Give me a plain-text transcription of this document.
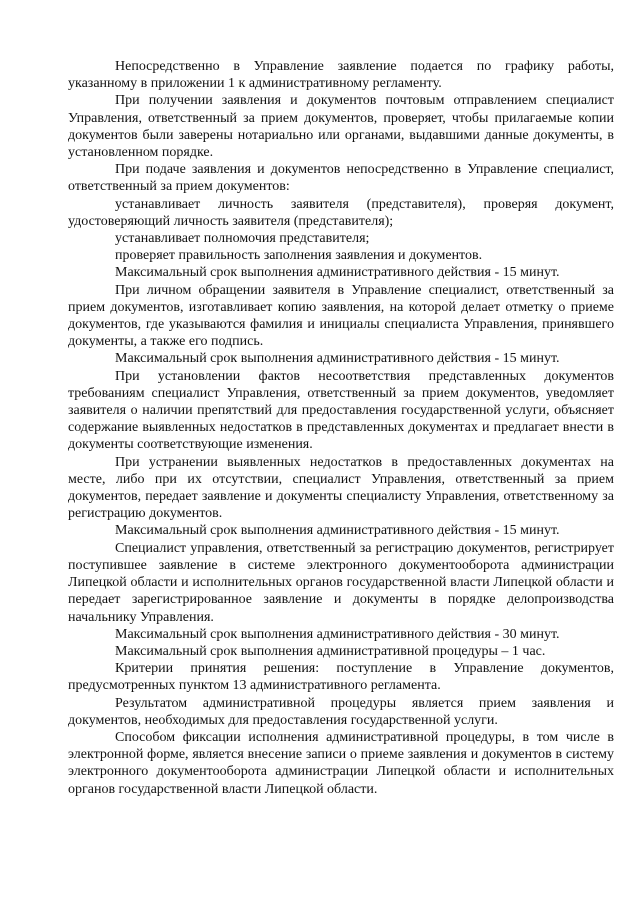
Непосредственно в Управление заявление подается по графику работы, указанному в приложении 1 к административному регламенту.

При получении заявления и документов почтовым отправлением специалист Управления, ответственный за прием документов, проверяет, чтобы прилагаемые копии документов были заверены нотариально или органами, выдавшими данные документы, в установленном порядке.

При подаче заявления и документов непосредственно в Управление специалист, ответственный за прием документов:

устанавливает личность заявителя (представителя), проверяя документ, удостоверяющий личность заявителя (представителя);

устанавливает полномочия представителя;

проверяет правильность заполнения заявления и документов.

Максимальный срок выполнения административного действия - 15 минут.

При личном обращении заявителя в Управление специалист, ответственный за прием документов, изготавливает копию заявления, на которой делает отметку о приеме документов, где указываются фамилия и инициалы специалиста Управления, принявшего документы, а также его подпись.

Максимальный срок выполнения административного действия - 15 минут.

При установлении фактов несоответствия представленных документов требованиям специалист Управления, ответственный за прием документов, уведомляет заявителя о наличии препятствий для предоставления государственной услуги, объясняет содержание выявленных недостатков в представленных документах и предлагает внести в документы соответствующие изменения.

При устранении выявленных недостатков в предоставленных документах на месте, либо при их отсутствии, специалист Управления, ответственный за прием документов, передает заявление и документы специалисту Управления, ответственному за регистрацию документов.

Максимальный срок выполнения административного действия - 15 минут.

Специалист управления, ответственный за регистрацию документов, регистрирует поступившее заявление в системе электронного документооборота администрации Липецкой области и исполнительных органов государственной власти Липецкой области и передает зарегистрированное заявление и документы в порядке делопроизводства начальнику Управления.

Максимальный срок выполнения административного действия - 30 минут.

Максимальный срок выполнения административной процедуры – 1 час.

Критерии принятия решения: поступление в Управление документов, предусмотренных пунктом 13 административного регламента.

Результатом административной процедуры является прием заявления и документов, необходимых для предоставления государственной услуги.

Способом фиксации исполнения административной процедуры, в том числе в электронной форме, является внесение записи о приеме заявления и документов в систему электронного документооборота администрации Липецкой области и исполнительных органов государственной власти Липецкой области.
